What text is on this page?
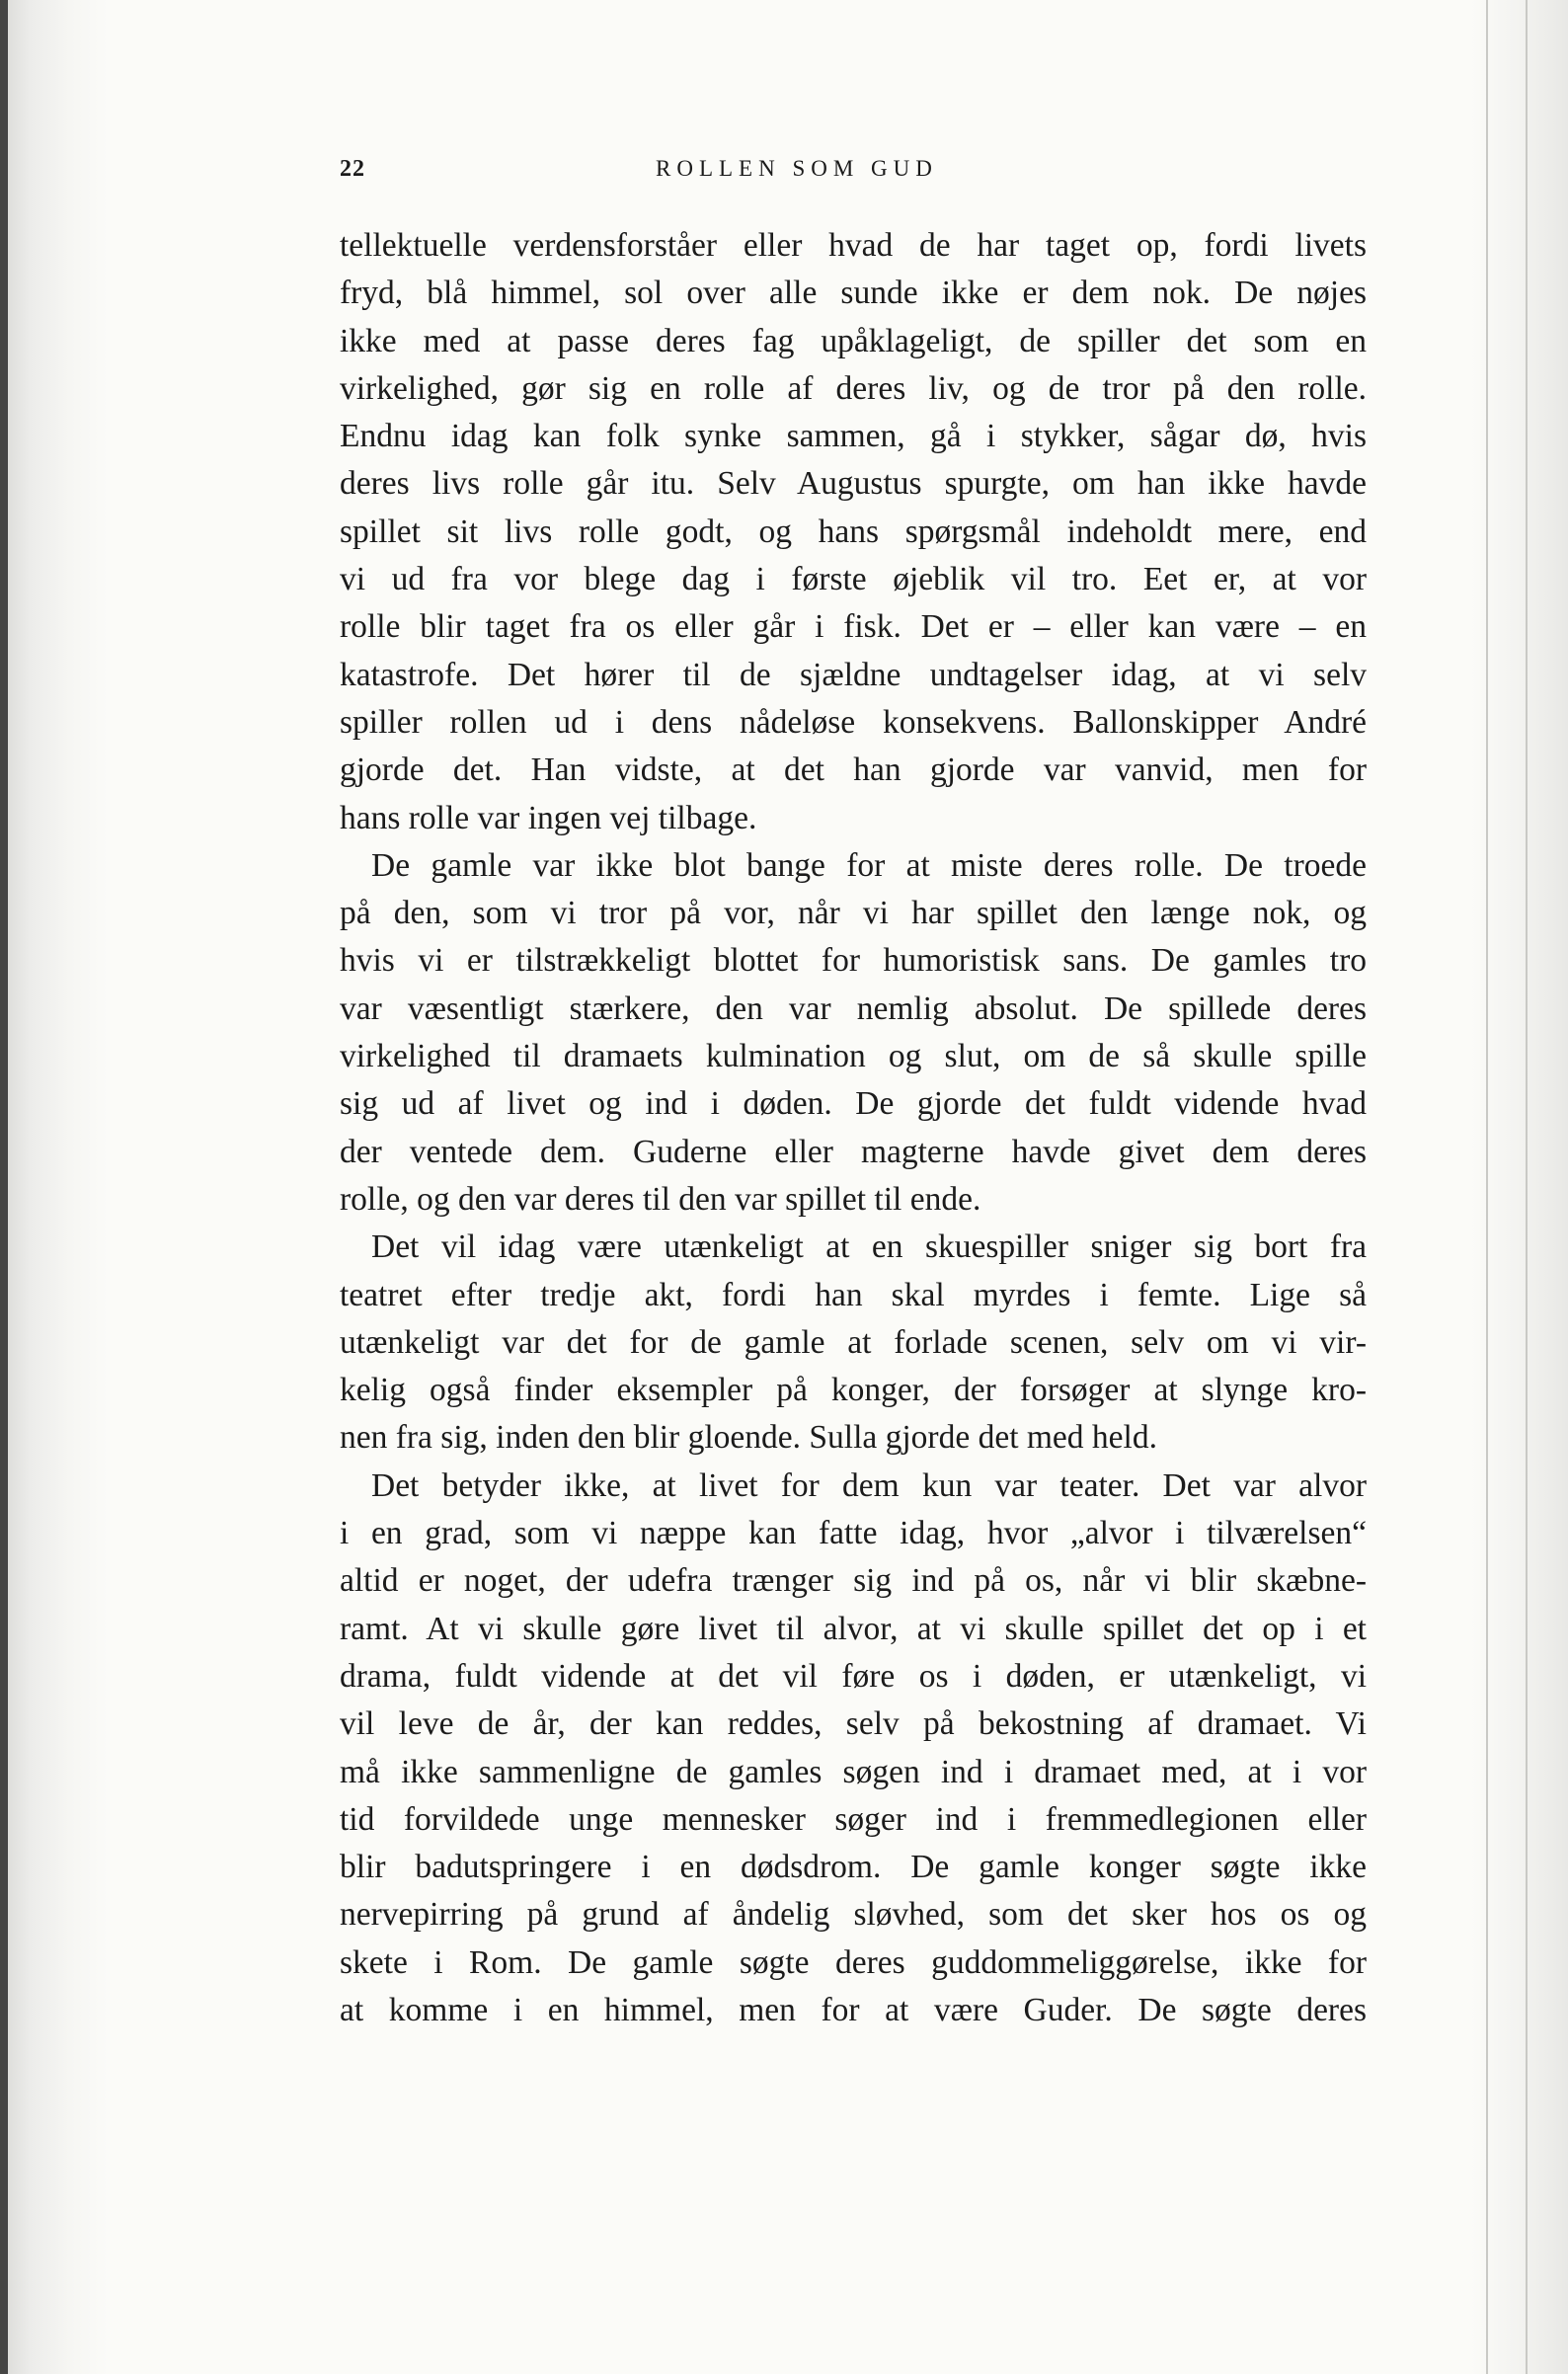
22	ROLLEN SOM GUD
tellektuelle verdensforståer eller hvad de har taget op, fordi livets
fryd, blå himmel, sol over alle sunde ikke er dem nok. De nøjes
ikke med at passe deres fag upåklageligt, de spiller det som en
virkelighed, gør sig en rolle af deres liv, og de tror på den rolle.
Endnu idag kan folk synke sammen, gå i stykker, sågar dø, hvis
deres livs rolle går itu. Selv Augustus spurgte, om han ikke havde
spillet sit livs rolle godt, og hans spørgsmål indeholdt mere, end
vi ud fra vor blege dag i første øjeblik vil tro. Eet er, at vor
rolle blir taget fra os eller går i fisk. Det er – eller kan være – en
katastrofe. Det hører til de sjældne undtagelser idag, at vi selv
spiller rollen ud i dens nådeløse konsekvens. Ballonskipper André
gjorde det. Han vidste, at det han gjorde var vanvid, men for
hans rolle var ingen vej tilbage.
De gamle var ikke blot bange for at miste deres rolle. De troede
på den, som vi tror på vor, når vi har spillet den længe nok, og
hvis vi er tilstrækkeligt blottet for humoristisk sans. De gamles tro
var væsentligt stærkere, den var nemlig absolut. De spillede deres
virkelighed til dramaets kulmination og slut, om de så skulle spille
sig ud af livet og ind i døden. De gjorde det fuldt vidende hvad
der ventede dem. Guderne eller magterne havde givet dem deres
rolle, og den var deres til den var spillet til ende.
Det vil idag være utænkeligt at en skuespiller sniger sig bort fra
teatret efter tredje akt, fordi han skal myrdes i femte. Lige så
utænkeligt var det for de gamle at forlade scenen, selv om vi vir-
kelig også finder eksempler på konger, der forsøger at slynge kro-
nen fra sig, inden den blir gloende. Sulla gjorde det med held.
Det betyder ikke, at livet for dem kun var teater. Det var alvor
i en grad, som vi næppe kan fatte idag, hvor „alvor i tilværelsen“
altid er noget, der udefra trænger sig ind på os, når vi blir skæbne-
ramt. At vi skulle gøre livet til alvor, at vi skulle spillet det op i et
drama, fuldt vidende at det vil føre os i døden, er utænkeligt, vi
vil leve de år, der kan reddes, selv på bekostning af dramaet. Vi
må ikke sammenligne de gamles søgen ind i dramaet med, at i vor
tid forvildede unge mennesker søger ind i fremmedlegionen eller
blir badutspringere i en dødsdrom. De gamle konger søgte ikke
nervepirring på grund af åndelig sløvhed, som det sker hos os og
skete i Rom. De gamle søgte deres guddommeliggørelse, ikke for
at komme i en himmel, men for at være Guder. De søgte deres
